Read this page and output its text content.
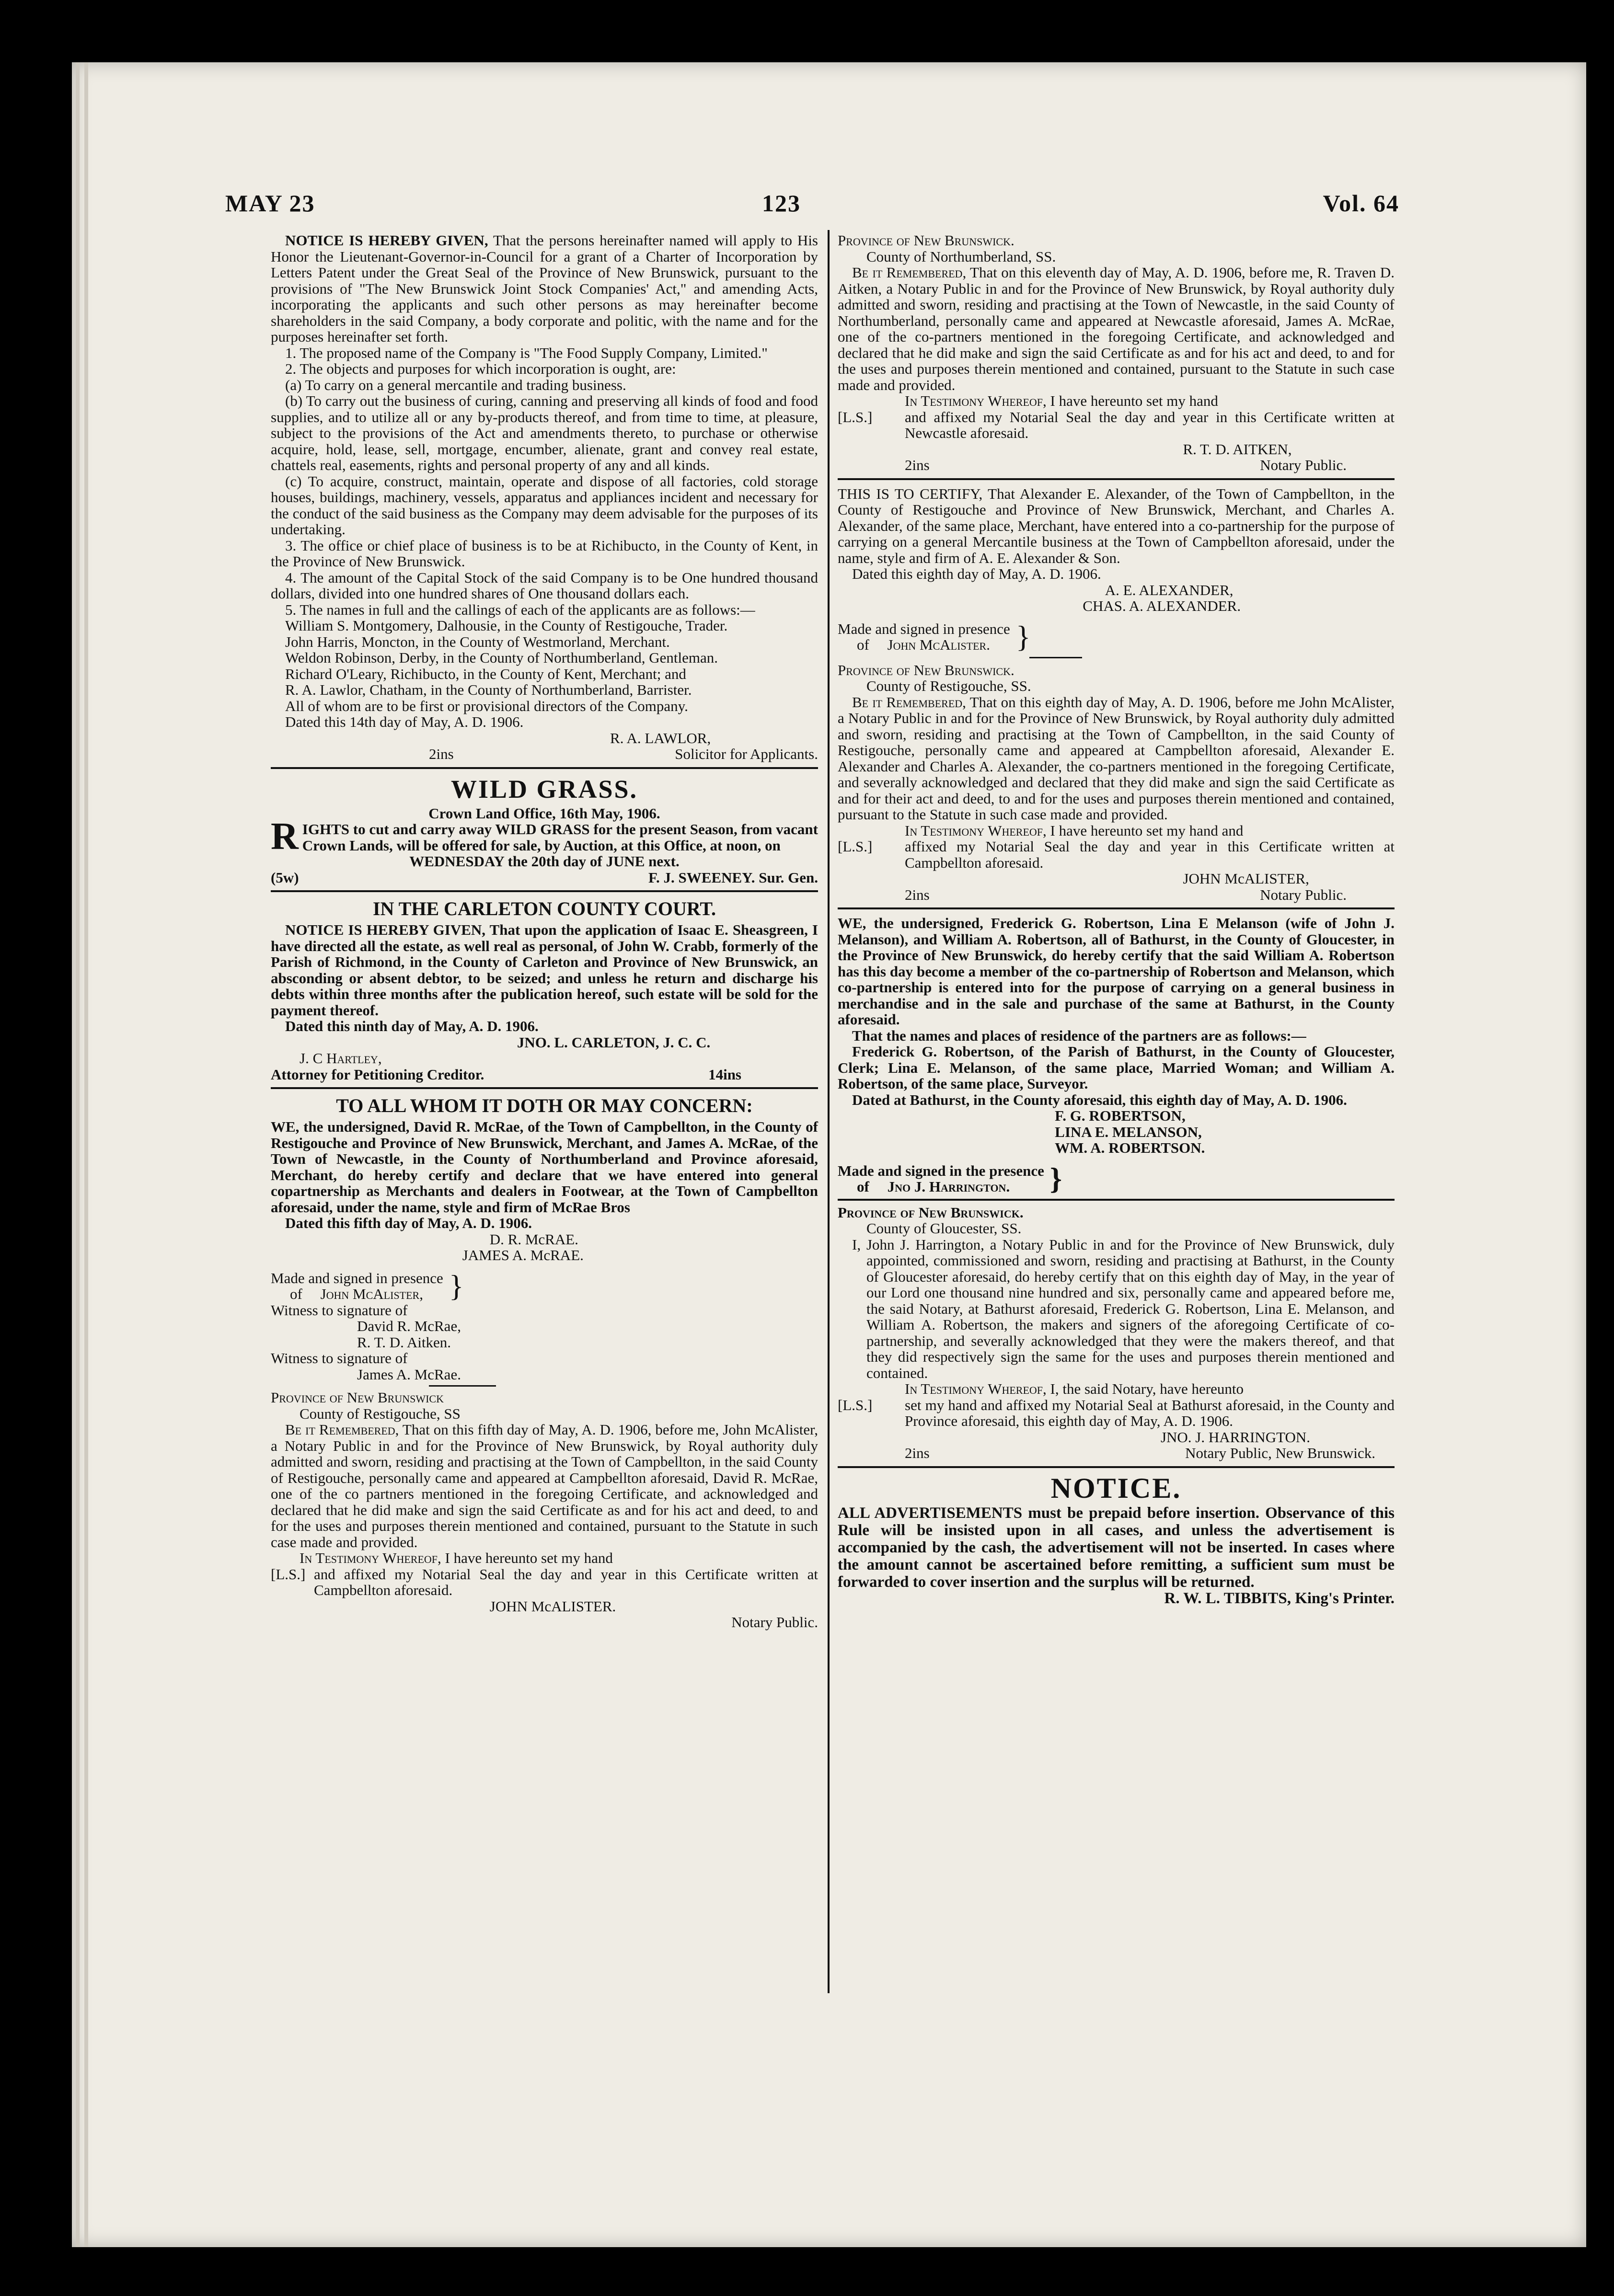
MAY 23	123	Vol. 64

NOTICE IS HEREBY GIVEN, That the persons hereinafter named will apply to His Honor the Lieutenant-Governor-in-Council for a grant of a Charter of Incorporation by Letters Patent under the Great Seal of the Province of New Brunswick, pursuant to the provisions of "The New Brunswick Joint Stock Companies' Act," and amending Acts, incorporating the applicants and such other persons as may hereinafter become shareholders in the said Company, a body corporate and politic, with the name and for the purposes hereinafter set forth.

1. The proposed name of the Company is "The Food Supply Company, Limited."

2. The objects and purposes for which incorporation is ought, are:

(a) To carry on a general mercantile and trading business.

(b) To carry out the business of curing, canning and preserving all kinds of food and food supplies, and to utilize all or any by-products thereof, and from time to time, at pleasure, subject to the provisions of the Act and amendments thereto, to purchase or otherwise acquire, hold, lease, sell, mortgage, encumber, alienate, grant and convey real estate, chattels real, easements, rights and personal property of any and all kinds.

(c) To acquire, construct, maintain, operate and dispose of all factories, cold storage houses, buildings, machinery, vessels, apparatus and appliances incident and necessary for the conduct of the said business as the Company may deem advisable for the purposes of its undertaking.

3. The office or chief place of business is to be at Richibucto, in the County of Kent, in the Province of New Brunswick.

4. The amount of the Capital Stock of the said Company is to be One hundred thousand dollars, divided into one hundred shares of One thousand dollars each.

5. The names in full and the callings of each of the applicants are as follows:—

William S. Montgomery, Dalhousie, in the County of Restigouche, Trader.

John Harris, Moncton, in the County of Westmorland, Merchant.

Weldon Robinson, Derby, in the County of Northumberland, Gentleman.

Richard O'Leary, Richibucto, in the County of Kent, Merchant; and

R. A. Lawlor, Chatham, in the County of Northumberland, Barrister.

All of whom are to be first or provisional directors of the Company.

Dated this 14th day of May, A. D. 1906.

R. A. LAWLOR,

2ins	Solicitor for Applicants.
WILD GRASS.

Crown Land Office, 16th May, 1906.

RIGHTS to cut and carry away WILD GRASS for the present Season, from vacant Crown Lands, will be offered for sale, by Auction, at this Office, at noon, on

WEDNESDAY the 20th day of JUNE next.

(5w)	F. J. SWEENEY. Sur. Gen.
IN THE CARLETON COUNTY COURT.

NOTICE IS HEREBY GIVEN, That upon the application of Isaac E. Sheasgreen, I have directed all the estate, as well real as personal, of John W. Crabb, formerly of the Parish of Richmond, in the County of Carleton and Province of New Brunswick, an absconding or absent debtor, to be seized; and unless he return and discharge his debts within three months after the publication hereof, such estate will be sold for the payment thereof.

Dated this ninth day of May, A. D. 1906.

JNO. L. CARLETON, J. C. C.

J. C Hartley,

Attorney for Petitioning Creditor.	14ins
TO ALL WHOM IT DOTH OR MAY CONCERN:

WE, the undersigned, David R. McRae, of the Town of Campbellton, in the County of Restigouche and Province of New Brunswick, Merchant, and James A. McRae, of the Town of Newcastle, in the County of Northumberland and Province aforesaid, Merchant, do hereby certify and declare that we have entered into general copartnership as Merchants and dealers in Footwear, at the Town of Campbellton aforesaid, under the name, style and firm of McRae Bros

Dated this fifth day of May, A. D. 1906.

D. R. McRAE.

JAMES A. McRAE.

Made and signed in presence

of John McAlister, }

Witness to signature of

David R. McRae,

R. T. D. Aitken.

Witness to signature of

James A. McRae.

Province of New Brunswick

County of Restigouche, SS

Be it Remembered, That on this fifth day of May, A. D. 1906, before me, John McAlister, a Notary Public in and for the Province of New Brunswick, by Royal authority duly admitted and sworn, residing and practising at the Town of Campbellton, in the said County of Restigouche, personally came and appeared at Campbellton aforesaid, David R. McRae, one of the co partners mentioned in the foregoing Certificate, and acknowledged and declared that he did make and sign the said Certificate as and for his act and deed, to and for the uses and purposes therein mentioned and contained, pursuant to the Statute in such case made and provided.

In Testimony Whereof, I have hereunto set my hand

[L.S.] and affixed my Notarial Seal the day and year in this Certificate written at Campbellton aforesaid.

JOHN McALISTER.

Notary Public.

Province of New Brunswick.

County of Northumberland, SS.

Be it Remembered, That on this eleventh day of May, A. D. 1906, before me, R. Traven D. Aitken, a Notary Public in and for the Province of New Brunswick, by Royal authority duly admitted and sworn, residing and practising at the Town of Newcastle, in the said County of Northumberland, personally came and appeared at Newcastle aforesaid, James A. McRae, one of the co-partners mentioned in the foregoing Certificate, and acknowledged and declared that he did make and sign the said Certificate as and for his act and deed, to and for the uses and purposes therein mentioned and contained, pursuant to the Statute in such case made and provided.

In Testimony Whereof, I have hereunto set my hand

[L.S.]	and affixed my Notarial Seal the day and year in this Certificate written at Newcastle aforesaid.

R. T. D. AITKEN,

2ins	Notary Public.

THIS IS TO CERTIFY, That Alexander E. Alexander, of the Town of Campbellton, in the County of Restigouche and Province of New Brunswick, Merchant, and Charles A. Alexander, of the same place, Merchant, have entered into a co-partnership for the purpose of carrying on a general Mercantile business at the Town of Campbellton aforesaid, under the name, style and firm of A. E. Alexander & Son.

Dated this eighth day of May, A. D. 1906.

A. E. ALEXANDER,

CHAS. A. ALEXANDER.

Made and signed in presence

of John McAlister. }

Province of New Brunswick.

County of Restigouche, SS.

Be it Remembered, That on this eighth day of May, A. D. 1906, before me John McAlister, a Notary Public in and for the Province of New Brunswick, by Royal authority duly admitted and sworn, residing and practising at the Town of Campbellton, in the said County of Restigouche, personally came and appeared at Campbellton aforesaid, Alexander E. Alexander and Charles A. Alexander, the co-partners mentioned in the foregoing Certificate, and severally acknowledged and declared that they did make and sign the said Certificate as and for their act and deed, to and for the uses and purposes therein mentioned and contained, pursuant to the Statute in such case made and provided.

In Testimony Whereof, I have hereunto set my hand and

[L.S.]	affixed my Notarial Seal the day and year in this Certificate written at Campbellton aforesaid.

JOHN McALISTER,

2ins	Notary Public.

WE, the undersigned, Frederick G. Robertson, Lina E Melanson (wife of John J. Melanson), and William A. Robertson, all of Bathurst, in the County of Gloucester, in the Province of New Brunswick, do hereby certify that the said William A. Robertson has this day become a member of the co-partnership of Robertson and Melanson, which co-partnership is entered into for the purpose of carrying on a general business in merchandise and in the sale and purchase of the same at Bathurst, in the County aforesaid.

That the names and places of residence of the partners are as follows:—

Frederick G. Robertson, of the Parish of Bathurst, in the County of Gloucester, Clerk; Lina E. Melanson, of the same place, Married Woman; and William A. Robertson, of the same place, Surveyor.

Dated at Bathurst, in the County aforesaid, this eighth day of May, A. D. 1906.

F. G. ROBERTSON,

LINA E. MELANSON,

WM. A. ROBERTSON.

Made and signed in the presence

of Jno J. Harrington.	}

Province of New Brunswick.

County of Gloucester, SS.

I, John J. Harrington, a Notary Public in and for the Province of New Brunswick, duly appointed, commissioned and sworn, residing and practising at Bathurst, in the County of Gloucester aforesaid, do hereby certify that on this eighth day of May, in the year of our Lord one thousand nine hundred and six, personally came and appeared before me, the said Notary, at Bathurst aforesaid, Frederick G. Robertson, Lina E. Melanson, and William A. Robertson, the makers and signers of the aforegoing Certificate of co-partnership, and severally acknowledged that they were the makers thereof, and that they did respectively sign the same for the uses and purposes therein mentioned and contained.

In Testimony Whereof, I, the said Notary, have hereunto

[L.S.]	set my hand and affixed my Notarial Seal at Bathurst aforesaid, in the County and Province aforesaid, this eighth day of May, A. D. 1906.

JNO. J. HARRINGTON.

2ins	Notary Public, New Brunswick.
NOTICE.

ALL ADVERTISEMENTS must be prepaid before insertion. Observance of this Rule will be insisted upon in all cases, and unless the advertisement is accompanied by the cash, the advertisement will not be inserted. In cases where the amount cannot be ascertained before remitting, a sufficient sum must be forwarded to cover insertion and the surplus will be returned.

R. W. L. TIBBITS, King's Printer.
